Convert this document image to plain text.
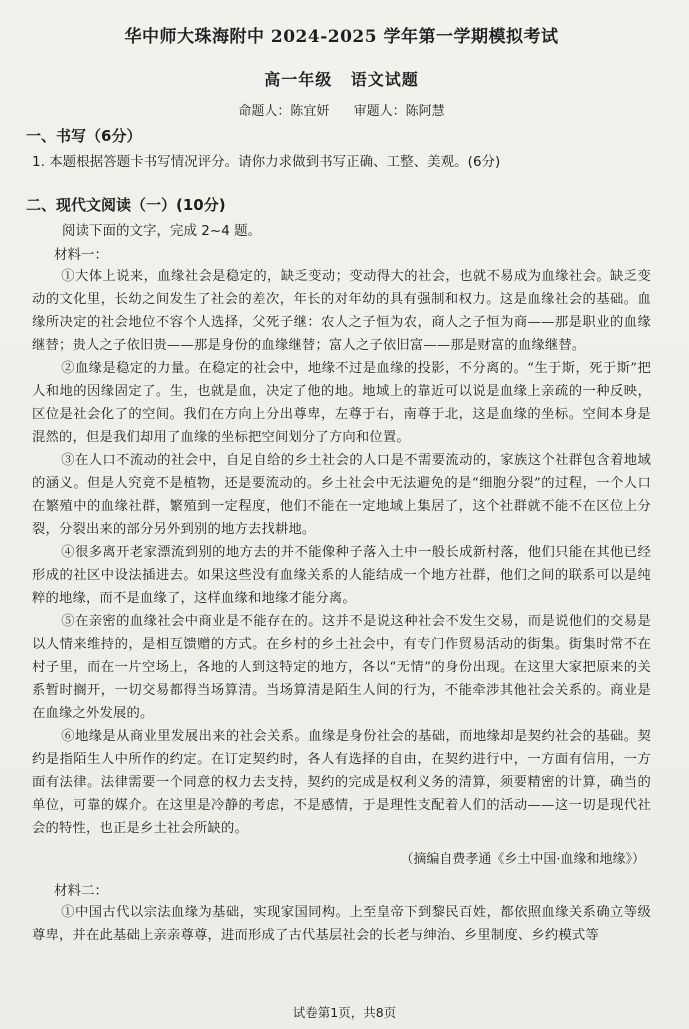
华中师大珠海附中 2024-2025 学年第一学期模拟考试
高一年级 语文试题
命题人：陈宜妍 审题人：陈阿慧
一、书写（6分）
1. 本题根据答题卡书写情况评分。请你力求做到书写正确、工整、美观。(6分)
二、现代文阅读（一）(10分)
阅读下面的文字，完成 2~4 题。
材料一：

①大体上说来，血缘社会是稳定的，缺乏变动；变动得大的社会，也就不易成为血缘社会。缺乏变动的文化里，长幼之间发生了社会的差次，年长的对年幼的具有强制和权力。这是血缘社会的基础。血缘所决定的社会地位不容个人选择，父死子继：农人之子恒为农，商人之子恒为商——那是职业的血缘继替；贵人之子依旧贵——那是身份的血缘继替；富人之子依旧富——那是财富的血缘继替。

②血缘是稳定的力量。在稳定的社会中，地缘不过是血缘的投影，不分离的。“生于斯，死于斯”把人和地的因缘固定了。生，也就是血，决定了他的地。地域上的靠近可以说是血缘上亲疏的一种反映，区位是社会化了的空间。我们在方向上分出尊卑，左尊于右，南尊于北，这是血缘的坐标。空间本身是混然的，但是我们却用了血缘的坐标把空间划分了方向和位置。

③在人口不流动的社会中，自足自给的乡土社会的人口是不需要流动的，家族这个社群包含着地域的涵义。但是人究竟不是植物，还是要流动的。乡土社会中无法避免的是“细胞分裂”的过程，一个人口在繁殖中的血缘社群，繁殖到一定程度，他们不能在一定地域上集居了，这个社群就不能不在区位上分裂，分裂出来的部分另外到别的地方去找耕地。

④很多离开老家漂流到别的地方去的并不能像种子落入土中一般长成新村落，他们只能在其他已经形成的社区中设法插进去。如果这些没有血缘关系的人能结成一个地方社群，他们之间的联系可以是纯粹的地缘，而不是血缘了，这样血缘和地缘才能分离。

⑤在亲密的血缘社会中商业是不能存在的。这并不是说这种社会不发生交易，而是说他们的交易是以人情来维持的，是相互馈赠的方式。在乡村的乡土社会中，有专门作贸易活动的街集。街集时常不在村子里，而在一片空场上，各地的人到这特定的地方，各以“无情”的身份出现。在这里大家把原来的关系暂时搁开，一切交易都得当场算清。当场算清是陌生人间的行为，不能牵涉其他社会关系的。商业是在血缘之外发展的。

⑥地缘是从商业里发展出来的社会关系。血缘是身份社会的基础，而地缘却是契约社会的基础。契约是指陌生人中所作的约定。在订定契约时，各人有选择的自由，在契约进行中，一方面有信用，一方面有法律。法律需要一个同意的权力去支持，契约的完成是权利义务的清算，须要精密的计算，确当的单位，可靠的媒介。在这里是冷静的考虑，不是感情，于是理性支配着人们的活动——这一切是现代社会的特性，也正是乡土社会所缺的。

（摘编自费孝通《乡土中国·血缘和地缘》）
材料二：

①中国古代以宗法血缘为基础，实现家国同构。上至皇帝下到黎民百姓，都依照血缘关系确立等级尊卑，并在此基础上亲亲尊尊，进而形成了古代基层社会的长老与绅治、乡里制度、乡约模式等

试卷第1页，共8页
